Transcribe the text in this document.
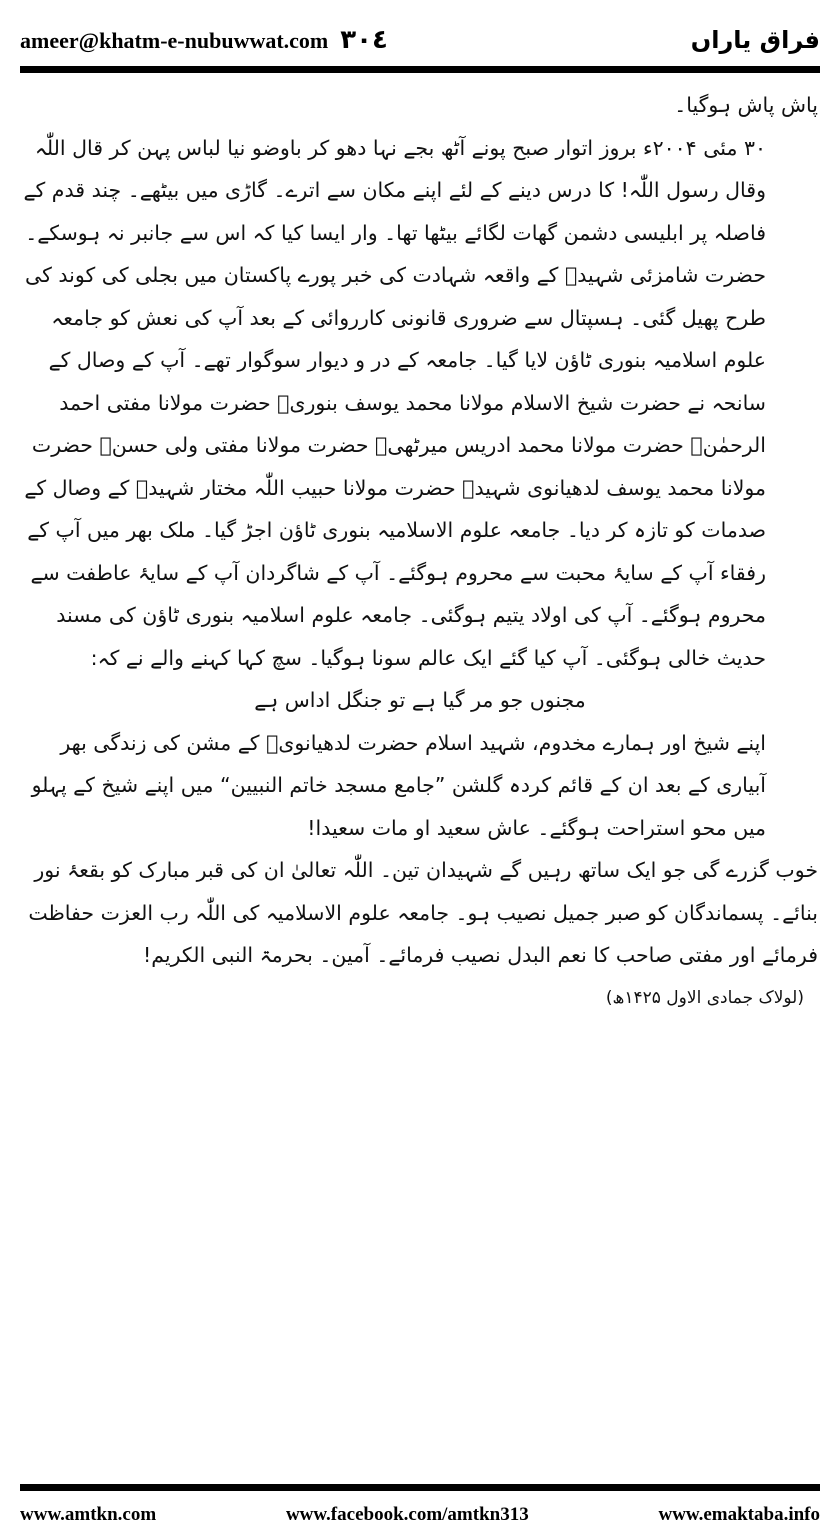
ameer@khatm-e-nubuwwat.com ٣٠٤	فراق یاراں

پاش پاش ہوگیا۔

۳۰ مئی ۲۰۰۴ء بروز اتوار صبح پونے آٹھ بجے نہا دھو کر باوضو نیا لباس پہن کر قال اللّٰہ وقال رسول اللّٰہ! کا درس دینے کے لئے اپنے مکان سے اترے۔ گاڑی میں بیٹھے۔ چند قدم کے فاصلہ پر ابلیسی دشمن گھات لگائے بیٹھا تھا۔ وار ایسا کیا کہ اس سے جانبر نہ ہوسکے۔

حضرت شامزئی شہیدؒ کے واقعہ شہادت کی خبر پورے پاکستان میں بجلی کی کوند کی طرح پھیل گئی۔ ہسپتال سے ضروری قانونی کارروائی کے بعد آپ کی نعش کو جامعہ علوم اسلامیہ بنوری ٹاؤن لایا گیا۔ جامعہ کے در و دیوار سوگوار تھے۔ آپ کے وصال کے سانحہ نے حضرت شیخ الاسلام مولانا محمد یوسف بنوریؒ حضرت مولانا مفتی احمد الرحمٰنؒ حضرت مولانا محمد ادریس میرٹھیؒ حضرت مولانا مفتی ولی حسنؒ حضرت مولانا محمد یوسف لدھیانوی شہیدؒ حضرت مولانا حبیب اللّٰہ مختار شہیدؒ کے وصال کے صدمات کو تازہ کر دیا۔ جامعہ علوم الاسلامیہ بنوری ٹاؤن اجڑ گیا۔ ملک بھر میں آپ کے رفقاء آپ کے سایۂ محبت سے محروم ہوگئے۔ آپ کے شاگردان آپ کے سایۂ عاطفت سے محروم ہوگئے۔ آپ کی اولاد یتیم ہوگئی۔ جامعہ علوم اسلامیہ بنوری ٹاؤن کی مسند حدیث خالی ہوگئی۔ آپ کیا گئے ایک عالم سونا ہوگیا۔ سچ کہا کہنے والے نے کہ:

مجنوں جو مر گیا ہے تو جنگل اداس ہے

اپنے شیخ اور ہمارے مخدوم، شہید اسلام حضرت لدھیانویؒ کے مشن کی زندگی بھر آبیاری کے بعد ان کے قائم کردہ گلشن ”جامع مسجد خاتم النبیین“ میں اپنے شیخ کے پہلو میں محو استراحت ہوگئے۔ عاش سعید او مات سعیدا!

خوب گزرے گی جو ایک ساتھ رہیں گے شہیدان تین۔ اللّٰہ تعالیٰ ان کی قبر مبارک کو بقعۂ نور بنائے۔ پسماندگان کو صبر جمیل نصیب ہو۔ جامعہ علوم الاسلامیہ کی اللّٰہ رب العزت حفاظت فرمائے اور مفتی صاحب کا نعم البدل نصیب فرمائے۔ آمین۔ بحرمۃ النبی الکریم!

(لولاک جمادی الاول ۱۴۲۵ھ)

www.amtkn.com	www.facebook.com/amtkn313	www.emaktaba.info
